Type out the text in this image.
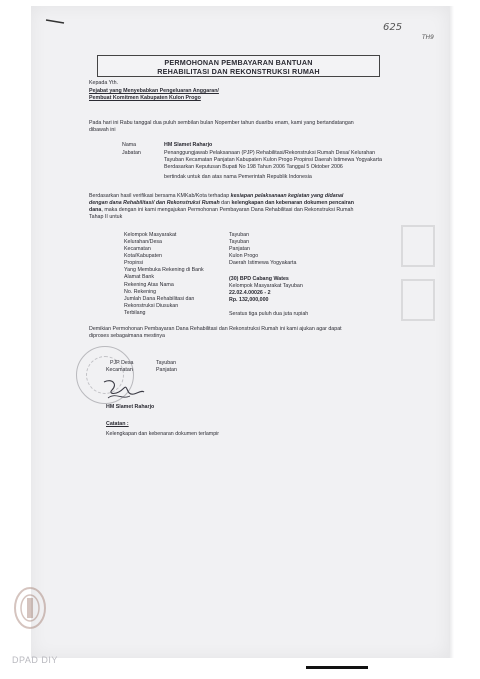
625
TH9
PERMOHONAN PEMBAYARAN BANTUAN
REHABILITASI DAN REKONSTRUKSI RUMAH
Kepada Yth.
Pejabat yang Menyebabkan Pengeluaran Anggaran/
Pembuat Komitmen Kabupaten Kulon Progo
Pada hari ini Rabu tanggal dua puluh sembilan bulan Nopember tahun duaribu enam, kami yang bertandatangan
dibawah ini
Nama	HM Slamet Raharjo
Jabatan	Penanggungjawab Pelaksanaan (PJP) Rehabilitasi/Rekonstruksi Rumah Desa/ Kelurahan
Tayuban Kecamatan Panjatan Kabupaten Kulon Progo Propinsi Daerah Istimewa Yogyakarta
Berdasarkan Keputusan Bupati No 198 Tahun 2006 Tanggal 5 Oktober 2006
bertindak untuk dan atas nama Pemerintah Republik Indonesia
Berdasarkan hasil verifikasi bersama KMKab/Kota terhadap kesiapan pelaksanaan kegiatan yang didanai
dengan dana Rehabilitasi/ dan Rekonstruksi Rumah dan kelengkapan dan kebenaran dokumen pencairan
dana, maka dengan ini kami mengajukan Permohonan Pembayaran Dana Rehabilitasi dan Rekonstruksi Rumah
Tahap II untuk
Kelompok Masyarakat	Tayuban
Kelurahan/Desa	Tayuban
Kecamatan	Panjatan
Kota/Kabupaten	Kulon Progo
Propinsi	Daerah Istimewa Yogyakarta
Yang Membuka Rekening di Bank
Alamat Bank	(30) BPD Cabang Wates
Rekening Atas Nama	Kelompok Masyarakat Tayuban
No. Rekening	22.02.4.00026 - 2
Jumlah Dana Rehabilitasi dan	Rp. 132,000,000
Rekonstruksi Diusukan
Terbilang	Seratus tiga puluh dua juta rupiah
Demikian Permohonan Pembayaran Dana Rehabilitasi dan Rekonstruksi Rumah ini kami ajukan agar dapat
diproses sebagaimana mestinya
PJP Desa	Tayuban
Kecamatan	Panjatan
HM Slamet Raharjo
Catatan :
Kelengkapan dan kebenaran dokumen terlampir
DPAD DIY
